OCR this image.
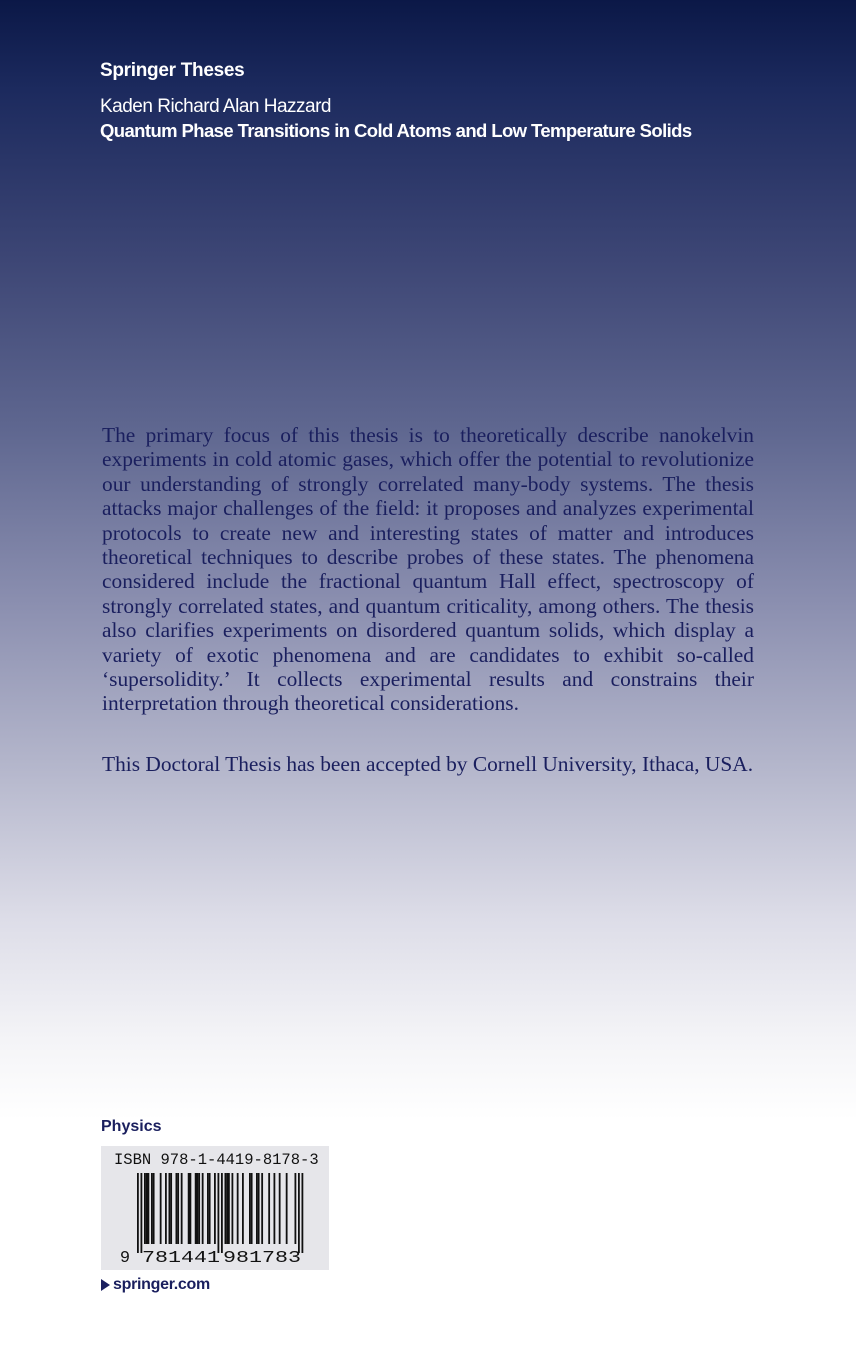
Springer Theses
Kaden Richard Alan Hazzard
Quantum Phase Transitions in Cold Atoms and Low Temperature Solids

The primary focus of this thesis is to theoretically describe nanokelvin experiments in cold atomic gases, which offer the potential to revolutionize our understanding of strongly correlated many-body systems. The thesis attacks major challenges of the field: it proposes and analyzes experimental protocols to create new and interesting states of matter and introduces theoretical techniques to describe probes of these states. The phenomena considered include the fractional quantum Hall effect, spectroscopy of strongly correlated states, and quantum criticality, among others. The thesis also clarifies experiments on disordered quantum solids, which display a variety of exotic phenomena and are candidates to exhibit so-called ‘supersolidity.’ It collects experimental results and constrains their interpretation through theoretical considerations.

This Doctoral Thesis has been accepted by Cornell University, Ithaca, USA.

Physics
9 781441 981783
ISBN 978-1-4419-8178-3
springer.com
